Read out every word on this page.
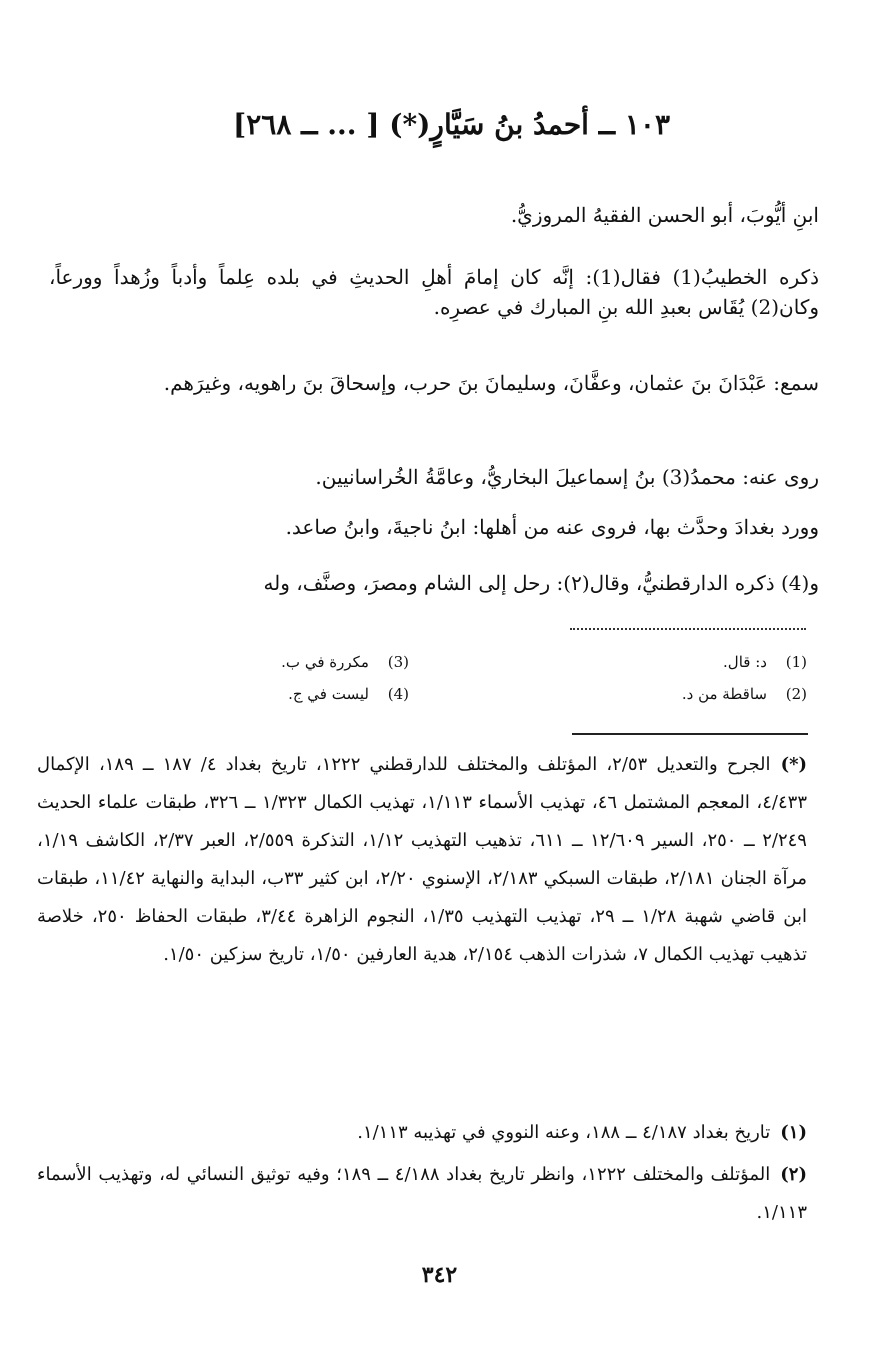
١٠٣ ــ أحمدُ بنُ سَيَّارٍ(*) [ ... ــ ٢٦٨]
ابنِ أيُّوبَ، أبو الحسن الفقيهُ المروزيُّ.
ذكره الخطيبُ(1) فقال(1): إنَّه كان إمامَ أهلِ الحديثِ في بلده عِلماً وأدباً وزُهداً وورعاً، وكان(2) يُقَاس بعبدِ الله بنِ المبارك في عصرِه.
سمع: عَبْدَانَ بنَ عثمان، وعفَّانَ، وسليمانَ بنَ حرب، وإسحاقَ بنَ راهويه، وغيرَهم.
روى عنه: محمدُ(3) بنُ إسماعيلَ البخاريُّ، وعامَّةُ الخُراسانيين.
وورد بغدادَ وحدَّث بها، فروى عنه من أهلها: ابنُ ناجيةَ، وابنُ صاعد.
و(4) ذكره الدارقطنيُّ، وقال(٢): رحل إلى الشام ومصرَ، وصنَّف، وله
(1) د: قال.
(2) ساقطة من د.
(3) مكررة في ب.
(4) ليست في ج.
(*)الجرح والتعديل ٢/٥٣، المؤتلف والمختلف للدارقطني ١٢٢٢، تاريخ بغداد ٤/ ١٨٧ ــ ١٨٩، الإكمال ٤/٤٣٣، المعجم المشتمل ٤٦، تهذيب الأسماء ١/١١٣، تهذيب الكمال ١/٣٢٣ ــ ٣٢٦، طبقات علماء الحديث ٢/٢٤٩ ــ ٢٥٠، السير ١٢/٦٠٩ ــ ٦١١، تذهيب التهذيب ١/١٢، التذكرة ٢/٥٥٩، العبر ٢/٣٧، الكاشف ١/١٩، مرآة الجنان ٢/١٨١، طبقات السبكي ٢/١٨٣، الإسنوي ٢/٢٠، ابن كثير ٣٣ب، البداية والنهاية ١١/٤٢، طبقات ابن قاضي شهبة ١/٢٨ ــ ٢٩، تهذيب التهذيب ١/٣٥، النجوم الزاهرة ٣/٤٤، طبقات الحفاظ ٢٥٠، خلاصة تذهيب تهذيب الكمال ٧، شذرات الذهب ٢/١٥٤، هدية العارفين ١/٥٠، تاريخ سزكين ١/٥٠.
(١)تاريخ بغداد ٤/١٨٧ ــ ١٨٨، وعنه النووي في تهذيبه ١/١١٣.
(٢)المؤتلف والمختلف ١٢٢٢، وانظر تاريخ بغداد ٤/١٨٨ ــ ١٨٩؛ وفيه توثيق النسائي له، وتهذيب الأسماء ١/١١٣.
٣٤٢
